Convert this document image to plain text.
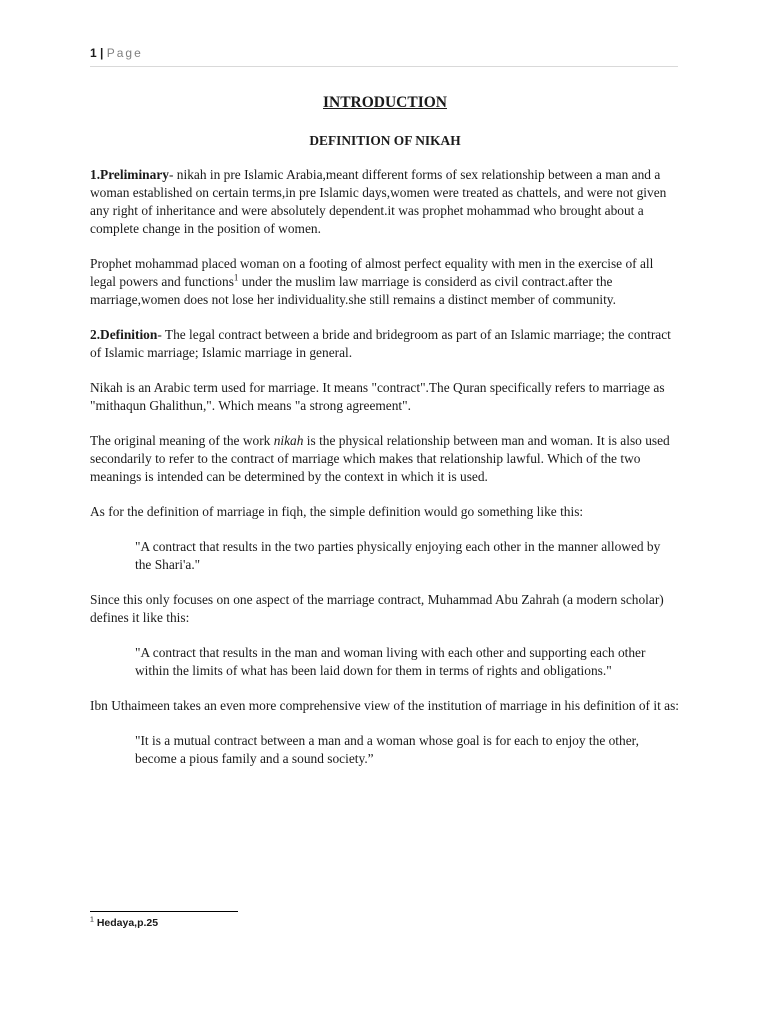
1 | Page
INTRODUCTION
DEFINITION OF NIKAH

1.Preliminary- nikah in pre Islamic Arabia,meant different forms of sex relationship between a man and a woman established on certain terms,in pre Islamic days,women were treated as chattels, and were not given any right of inheritance and were absolutely dependent.it was prophet mohammad who brought about a complete change in the position of women.

Prophet mohammad placed woman on a footing of almost perfect equality with men in the exercise of all legal powers and functions$^1$ under the muslim law marriage is considerd as civil contract.after the marriage,women does not lose her individuality.she still remains a distinct member of community.

2.Definition- The legal contract between a bride and bridegroom as part of an Islamic marriage; the contract of Islamic marriage; Islamic marriage in general.

Nikah is an Arabic term used for marriage. It means "contract".The Quran specifically refers to marriage as "mithaqun Ghalithun,". Which means "a strong agreement".

The original meaning of the work nikah is the physical relationship between man and woman. It is also used secondarily to refer to the contract of marriage which makes that relationship lawful. Which of the two meanings is intended can be determined by the context in which it is used.

As for the definition of marriage in fiqh, the simple definition would go something like this:

"A contract that results in the two parties physically enjoying each other in the manner allowed by the Shari'a."

Since this only focuses on one aspect of the marriage contract, Muhammad Abu Zahrah (a modern scholar) defines it like this:

"A contract that results in the man and woman living with each other and supporting each other within the limits of what has been laid down for them in terms of rights and obligations."

Ibn Uthaimeen takes an even more comprehensive view of the institution of marriage in his definition of it as:

"It is a mutual contract between a man and a woman whose goal is for each to enjoy the other, become a pious family and a sound society.”
$^1$ Hedaya,p.25
